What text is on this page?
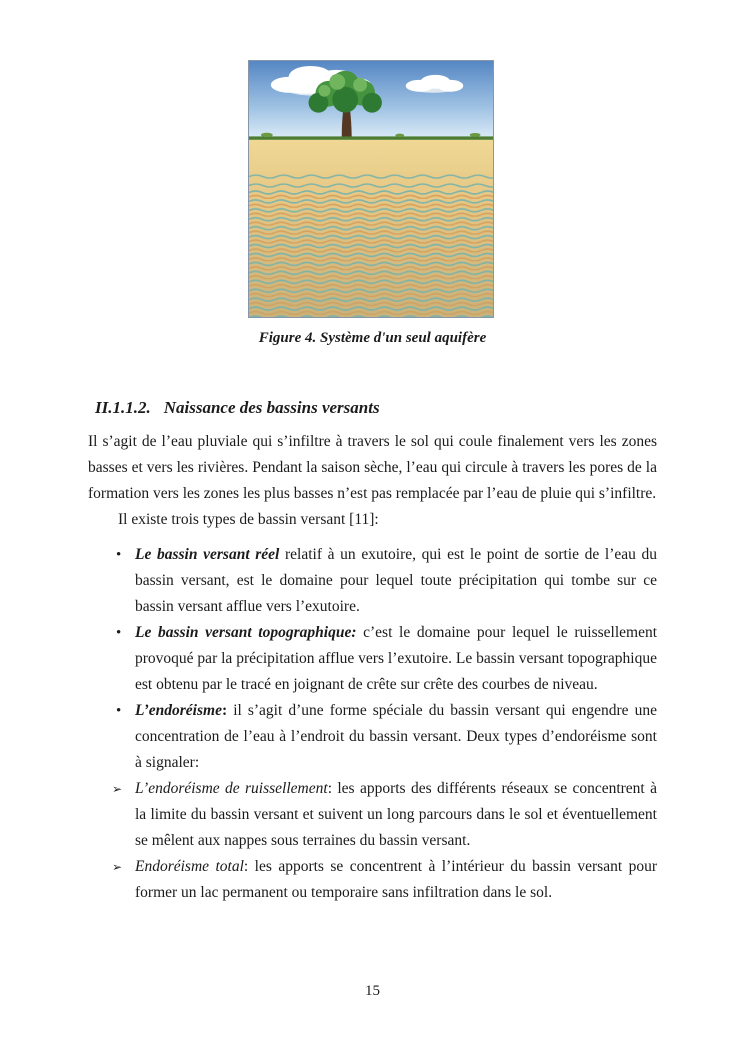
Figure 4. Système d'un seul aquifère
II.1.1.2. Naissance des bassins versants

Il s’agit de l’eau pluviale qui s’infiltre à travers le sol qui coule finalement vers les zones basses et vers les rivières. Pendant la saison sèche, l’eau qui circule à travers les pores de la formation vers les zones les plus basses n’est pas remplacée par l’eau de pluie qui s’infiltre.

Il existe trois types de bassin versant [11]:

• Le bassin versant réel relatif à un exutoire, qui est le point de sortie de l’eau du bassin versant, est le domaine pour lequel toute précipitation qui tombe sur ce bassin versant afflue vers l’exutoire.
• Le bassin versant topographique: c’est le domaine pour lequel le ruissellement provoqué par la précipitation afflue vers l’exutoire. Le bassin versant topographique est obtenu par le tracé en joignant de crête sur crête des courbes de niveau.
• L’endoréisme: il s’agit d’une forme spéciale du bassin versant qui engendre une concentration de l’eau à l’endroit du bassin versant. Deux types d’endoréisme sont à signaler:
➢ L’endoréisme de ruissellement: les apports des différents réseaux se concentrent à la limite du bassin versant et suivent un long parcours dans le sol et éventuellement se mêlent aux nappes sous terraines du bassin versant.
➢ Endoréisme total: les apports se concentrent à l’intérieur du bassin versant pour former un lac permanent ou temporaire sans infiltration dans le sol.
15
